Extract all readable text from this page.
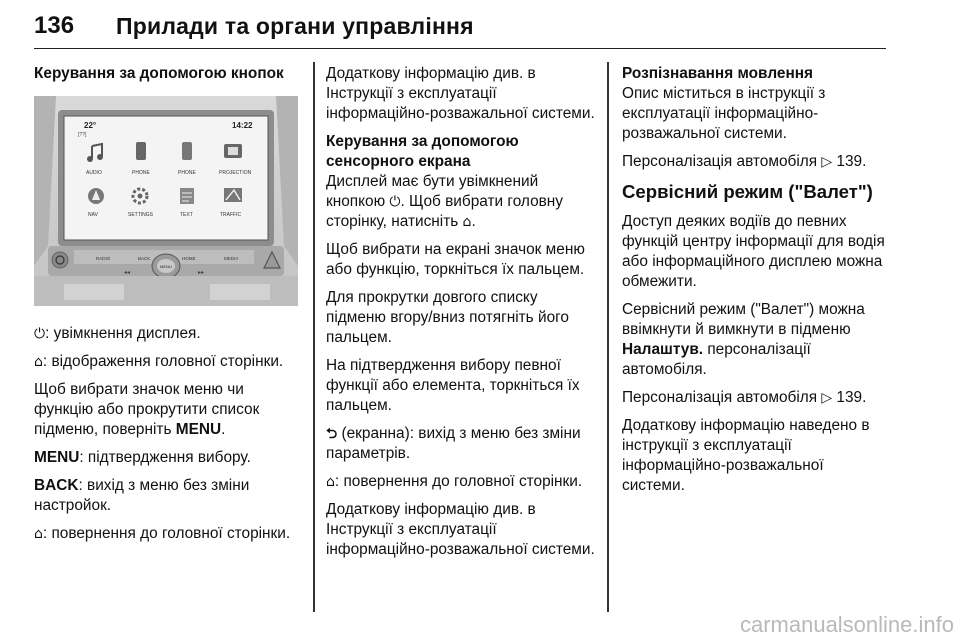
136 Прилади та органи управління
Керування за допомогою кнопок
22°
[??]
14:22
AUDIO	PHONE	PHONE	PROJECTION
NAV	SETTINGS	TEXT	TRAFFIC
RADIO	BACK	HOME	MEDIA
◂◂	▸▸
MENU

⏻: увімкнення дисплея.

⌂: відображення головної сторінки.

Щоб вибрати значок меню чи функцію або прокрутити список підменю, поверніть MENU.

MENU: підтвердження вибору.

BACK: вихід з меню без зміни настройок.

⌂: повернення до головної сторінки.

Додаткову інформацію див. в Інструкції з експлуатації інформаційно-розважальної системи.

Керування за допомогою сенсорного екрана

Дисплей має бути увімкнений кнопкою ⏻. Щоб вибрати головну сторінку, натисніть ⌂.

Щоб вибрати на екрані значок меню або функцію, торкніться їх пальцем.

Для прокрутки довгого списку підменю вгору/вниз потягніть його пальцем.

На підтвердження вибору певної функції або елемента, торкніться їх пальцем.

⮌ (екранна): вихід з меню без зміни параметрів.

⌂: повернення до головної сторінки.

Додаткову інформацію див. в Інструкції з експлуатації інформаційно-розважальної системи.

Розпізнавання мовлення

Опис міститься в інструкції з експлуатації інформаційно-розважальної системи.

Персоналізація автомобіля ▷ 139.

Сервісний режим ("Валет")

Доступ деяких водіїв до певних функцій центру інформації для водія або інформаційного дисплею можна обмежити.

Сервісний режим ("Валет") можна ввімкнути й вимкнути в підменю Налаштув. персоналізації автомобіля.

Персоналізація автомобіля ▷ 139.

Додаткову інформацію наведено в інструкції з експлуатації інформаційно-розважальної системи.

carmanualsonline.info
